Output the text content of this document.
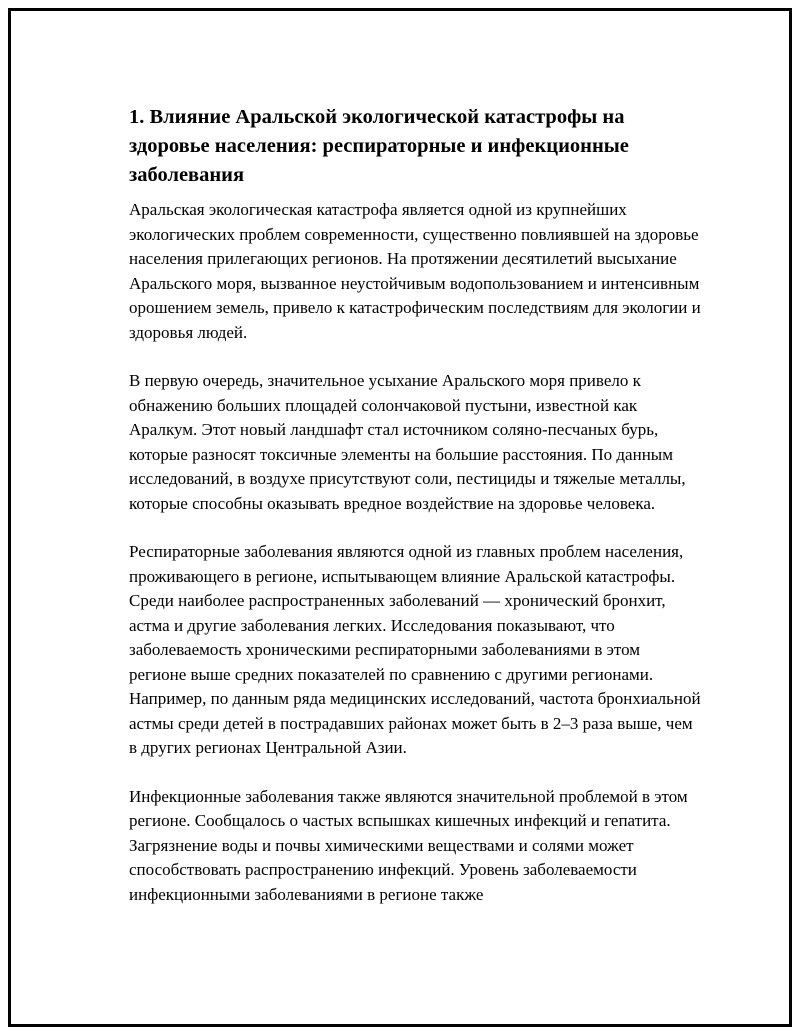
1. Влияние Аральской экологической катастрофы на здоровье населения: респираторные и инфекционные заболевания

Аральская экологическая катастрофа является одной из крупнейших экологических проблем современности, существенно повлиявшей на здоровье населения прилегающих регионов. На протяжении десятилетий высыхание Аральского моря, вызванное неустойчивым водопользованием и интенсивным орошением земель, привело к катастрофическим последствиям для экологии и здоровья людей.

В первую очередь, значительное усыхание Аральского моря привело к обнажению больших площадей солончаковой пустыни, известной как Аралкум. Этот новый ландшафт стал источником соляно-песчаных бурь, которые разносят токсичные элементы на большие расстояния. По данным исследований, в воздухе присутствуют соли, пестициды и тяжелые металлы, которые способны оказывать вредное воздействие на здоровье человека.

Респираторные заболевания являются одной из главных проблем населения, проживающего в регионе, испытывающем влияние Аральской катастрофы. Среди наиболее распространенных заболеваний — хронический бронхит, астма и другие заболевания легких. Исследования показывают, что заболеваемость хроническими респираторными заболеваниями в этом регионе выше средних показателей по сравнению с другими регионами. Например, по данным ряда медицинских исследований, частота бронхиальной астмы среди детей в пострадавших районах может быть в 2–3 раза выше, чем в других регионах Центральной Азии.

Инфекционные заболевания также являются значительной проблемой в этом регионе. Сообщалось о частых вспышках кишечных инфекций и гепатита. Загрязнение воды и почвы химическими веществами и солями может способствовать распространению инфекций. Уровень заболеваемости инфекционными заболеваниями в регионе также
